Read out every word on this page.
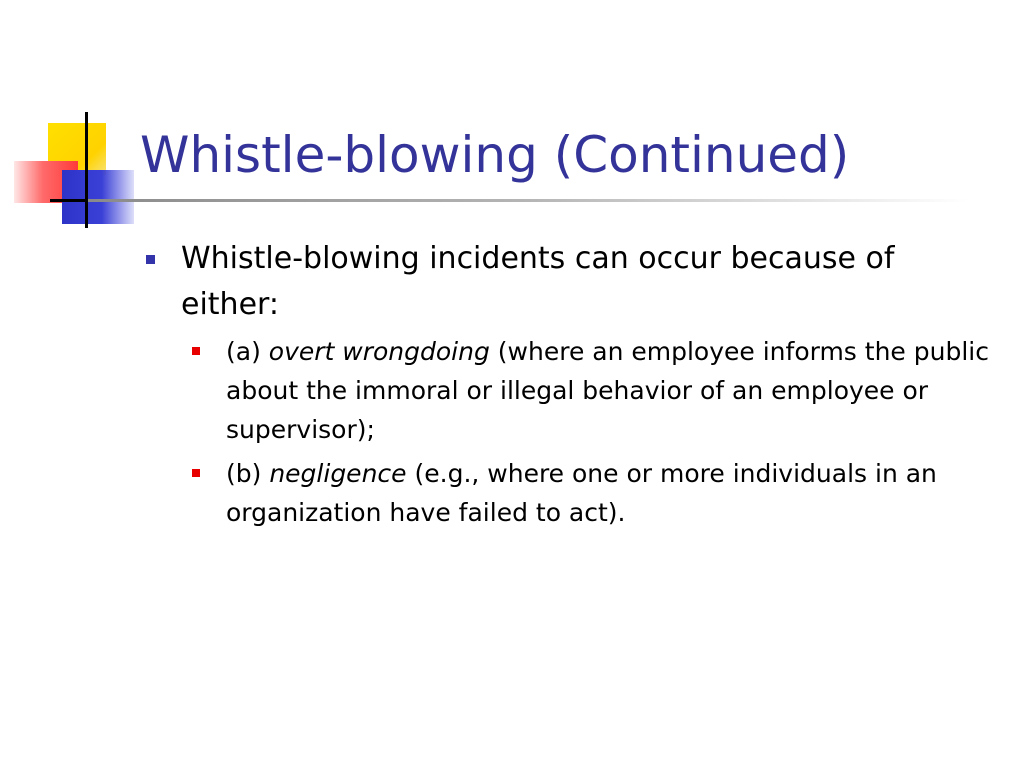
Whistle-blowing (Continued)
Whistle-blowing incidents can occur because of either:
(a) overt wrongdoing (where an employee informs the public about the immoral or illegal behavior of an employee or supervisor);
(b) negligence (e.g., where one or more individuals in an organization have failed to act).
